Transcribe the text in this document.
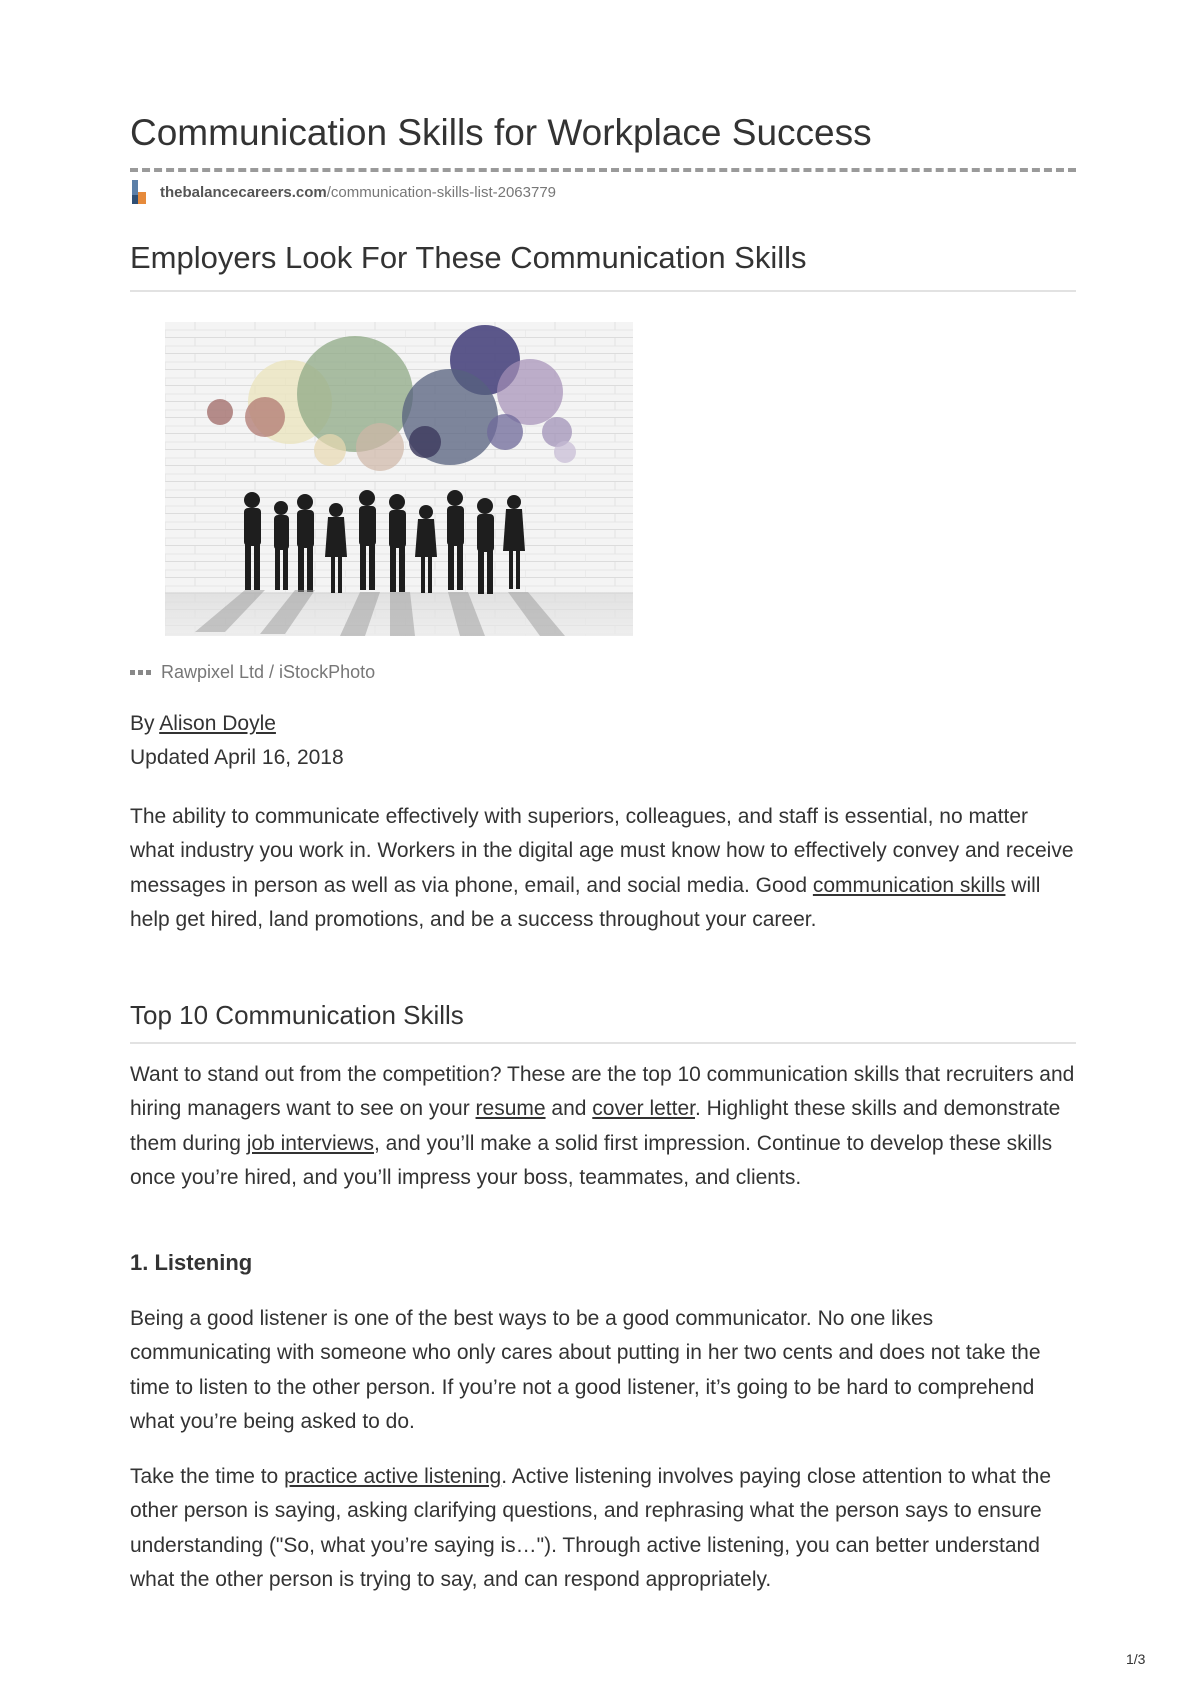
Communication Skills for Workplace Success
thebalancecareers.com /communication-skills-list-2063779
Employers Look For These Communication Skills
Rawpixel Ltd / iStockPhoto
By Alison Doyle
Updated April 16, 2018

The ability to communicate effectively with superiors, colleagues, and staff is essential, no matter what industry you work in. Workers in the digital age must know how to effectively convey and receive messages in person as well as via phone, email, and social media. Good communication skills will help get hired, land promotions, and be a success throughout your career.

Top 10 Communication Skills

Want to stand out from the competition? These are the top 10 communication skills that recruiters and hiring managers want to see on your resume and cover letter. Highlight these skills and demonstrate them during job interviews, and you’ll make a solid first impression. Continue to develop these skills once you’re hired, and you’ll impress your boss, teammates, and clients.

1. Listening

Being a good listener is one of the best ways to be a good communicator. No one likes communicating with someone who only cares about putting in her two cents and does not take the time to listen to the other person. If you’re not a good listener, it’s going to be hard to comprehend what you’re being asked to do.

Take the time to practice active listening. Active listening involves paying close attention to what the other person is saying, asking clarifying questions, and rephrasing what the person says to ensure understanding ("So, what you’re saying is…"). Through active listening, you can better understand what the other person is trying to say, and can respond appropriately.

1/3
